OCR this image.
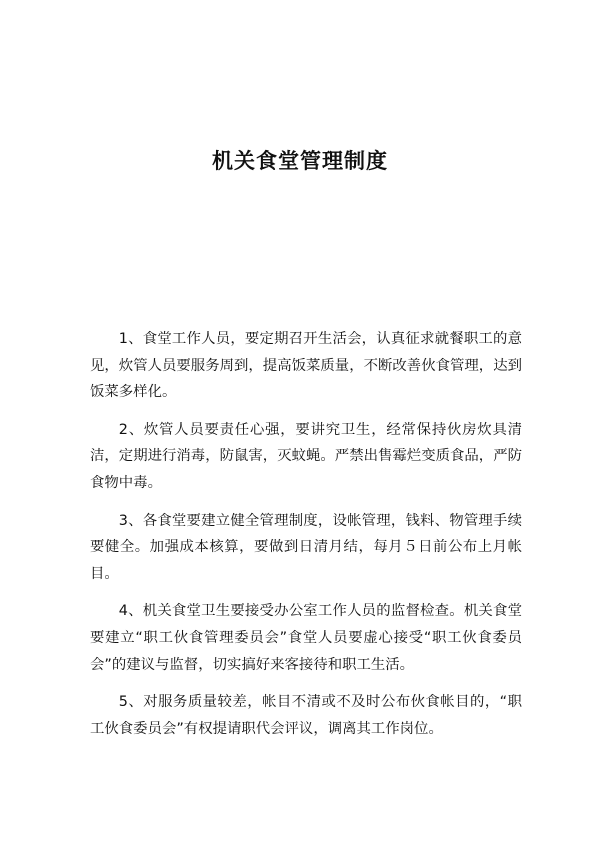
机关食堂管理制度

1、食堂工作人员，要定期召开生活会，认真征求就餐职工的意见，炊管人员要服务周到，提高饭菜质量，不断改善伙食管理，达到饭菜多样化。

2、炊管人员要责任心强，要讲究卫生，经常保持伙房炊具清洁，定期进行消毒，防鼠害，灭蚊蝇。严禁出售霉烂变质食品，严防食物中毒。

3、各食堂要建立健全管理制度，设帐管理，钱料、物管理手续要健全。加强成本核算，要做到日清月结，每月５日前公布上月帐目。

4、机关食堂卫生要接受办公室工作人员的监督检查。机关食堂要建立“职工伙食管理委员会”食堂人员要虚心接受“职工伙食委员会”的建议与监督，切实搞好来客接待和职工生活。

5、对服务质量较差，帐目不清或不及时公布伙食帐目的，“职工伙食委员会”有权提请职代会评议，调离其工作岗位。
